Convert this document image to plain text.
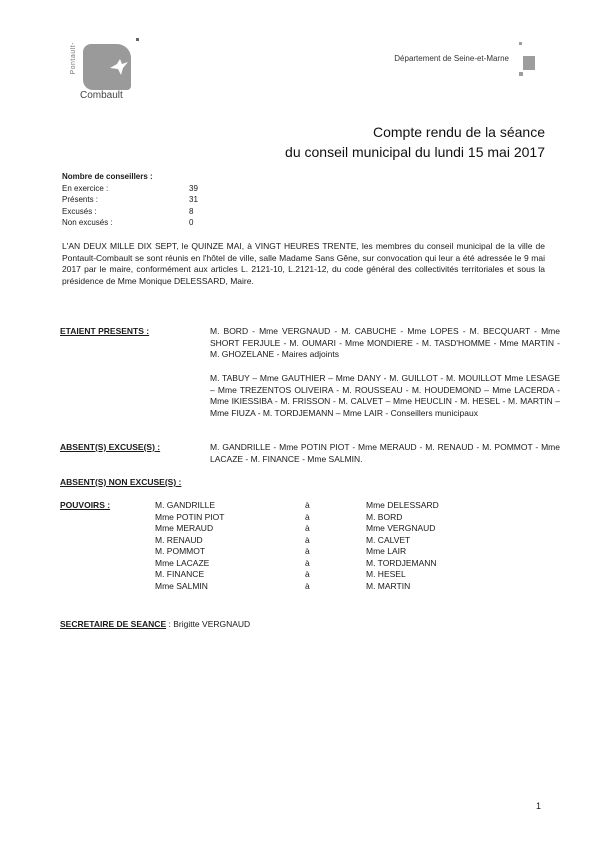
Pontault-
Combault
Département de Seine-et-Marne
Compte rendu de la séance
du conseil municipal du lundi 15 mai 2017
Nombre de conseillers :
En exercice :	39
Présents :	31
Excusés :	8
Non excusés :	0
L'AN DEUX MILLE DIX SEPT, le QUINZE MAI, à VINGT HEURES TRENTE, les membres du conseil municipal de la ville de Pontault-Combault se sont réunis en l'hôtel de ville, salle Madame Sans Gêne, sur convocation qui leur a été adressée le 9 mai 2017 par le maire, conformément aux articles L. 2121-10, L.2121-12, du code général des collectivités territoriales et sous la présidence de Mme Monique DELESSARD, Maire.
ETAIENT PRESENTS :	M. BORD - Mme VERGNAUD - M. CABUCHE - Mme LOPES - M. BECQUART - Mme SHORT FERJULE - M. OUMARI - Mme MONDIERE - M. TASD'HOMME - Mme MARTIN - M. GHOZELANE - Maires adjoints
M. TABUY – Mme GAUTHIER – Mme DANY - M. GUILLOT - M. MOUILLOT Mme LESAGE – Mme TREZENTOS OLIVEIRA - M. ROUSSEAU - M. HOUDEMOND – Mme LACERDA - Mme IKIESSIBA - M. FRISSON - M. CALVET – Mme HEUCLIN - M. HESEL - M. MARTIN – Mme FIUZA - M. TORDJEMANN – Mme LAIR - Conseillers municipaux
ABSENT(S) EXCUSE(S) :	M. GANDRILLE - Mme POTIN PIOT - Mme MERAUD - M. RENAUD - M. POMMOT - Mme LACAZE - M. FINANCE - Mme SALMIN.
ABSENT(S) NON EXCUSE(S) :
POUVOIRS :	M. GANDRILLE	à	Mme DELESSARD
	Mme POTIN PIOT	à	M. BORD
	Mme MERAUD	à	Mme VERGNAUD
	M. RENAUD	à	M. CALVET
	M. POMMOT	à	Mme LAIR
	Mme LACAZE	à	M. TORDJEMANN
	M. FINANCE	à	M. HESEL
	Mme SALMIN	à	M. MARTIN
SECRETAIRE DE SEANCE : Brigitte VERGNAUD
1
